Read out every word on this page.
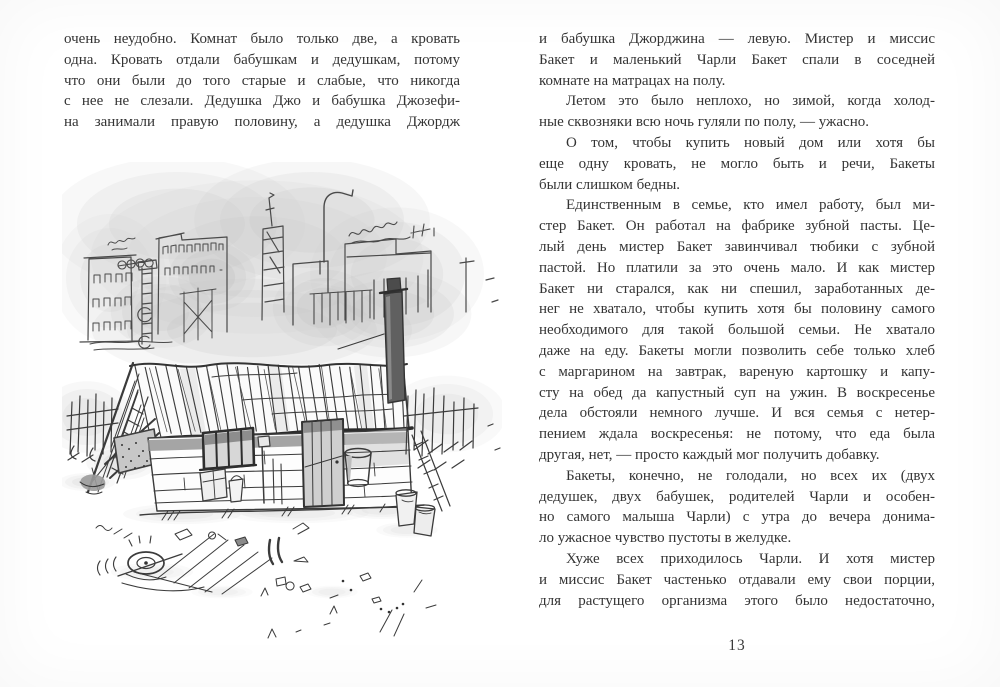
очень неудобно. Комнат было только две, а кровать
одна. Кровать отдали бабушкам и дедушкам, потому
что они были до того старые и слабые, что никогда
с нее не слезали. Дедушка Джо и бабушка Джозефи-
на занимали правую половину, а дедушка Джордж
и бабушка Джорджина — левую. Мистер и миссис
Бакет и маленький Чарли Бакет спали в соседней
комнате на матрацах на полу.
Летом это было неплохо, но зимой, когда холод-
ные сквозняки всю ночь гуляли по полу, — ужасно.
О том, чтобы купить новый дом или хотя бы
еще одну кровать, не могло быть и речи, Бакеты
были слишком бедны.
Единственным в семье, кто имел работу, был ми-
стер Бакет. Он работал на фабрике зубной пасты. Це-
лый день мистер Бакет завинчивал тюбики с зубной
пастой. Но платили за это очень мало. И как мистер
Бакет ни старался, как ни спешил, заработанных де-
нег не хватало, чтобы купить хотя бы половину самого
необходимого для такой большой семьи. Не хватало
даже на еду. Бакеты могли позволить себе только хлеб
с маргарином на завтрак, вареную картошку и капу-
сту на обед да капустный суп на ужин. В воскресенье
дела обстояли немного лучше. И вся семья с нетер-
пением ждала воскресенья: не потому, что еда была
другая, нет, — просто каждый мог получить добавку.
Бакеты, конечно, не голодали, но всех их (двух
дедушек, двух бабушек, родителей Чарли и особен-
но самого малыша Чарли) с утра до вечера донима-
ло ужасное чувство пустоты в желудке.
Хуже всех приходилось Чарли. И хотя мистер
и миссис Бакет частенько отдавали ему свои порции,
для растущего организма этого было недостаточно,
13
